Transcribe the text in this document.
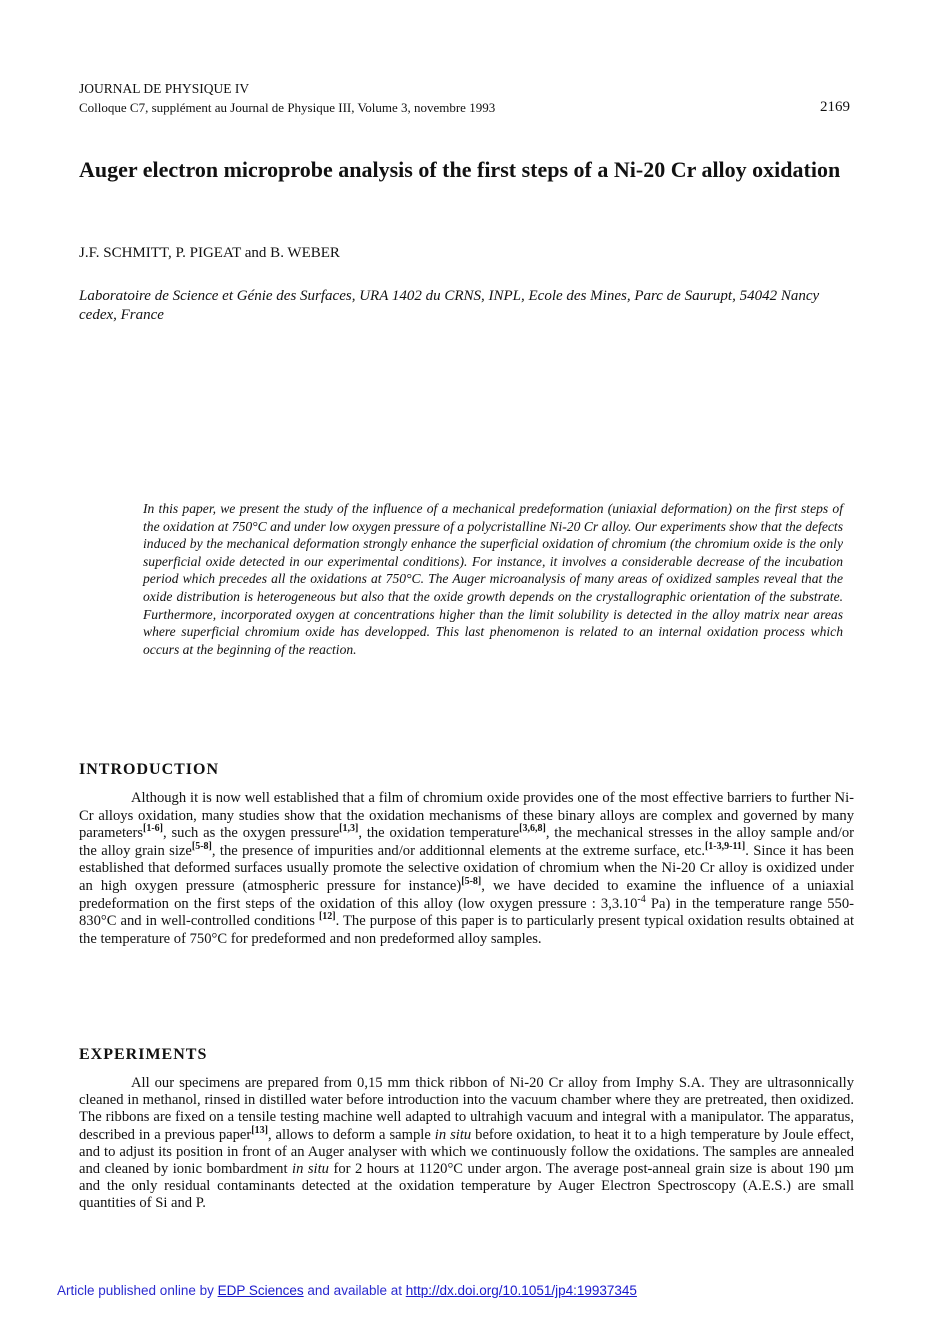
JOURNAL DE PHYSIQUE IV
Colloque C7, supplément au Journal de Physique III, Volume 3, novembre 1993	2169
Auger electron microprobe analysis of the first steps of a Ni-20 Cr alloy oxidation
J.F. SCHMITT, P. PIGEAT and B. WEBER
Laboratoire de Science et Génie des Surfaces, URA 1402 du CRNS, INPL, Ecole des Mines, Parc de Saurupt, 54042 Nancy cedex, France

In this paper, we present the study of the influence of a mechanical predeformation (uniaxial deformation) on the first steps of the oxidation at 750°C and under low oxygen pressure of a polycristalline Ni-20 Cr alloy. Our experiments show that the defects induced by the mechanical deformation strongly enhance the superficial oxidation of chromium (the chromium oxide is the only superficial oxide detected in our experimental conditions). For instance, it involves a considerable decrease of the incubation period which precedes all the oxidations at 750°C. The Auger microanalysis of many areas of oxidized samples reveal that the oxide distribution is heterogeneous but also that the oxide growth depends on the crystallographic orientation of the substrate. Furthermore, incorporated oxygen at concentrations higher than the limit solubility is detected in the alloy matrix near areas where superficial chromium oxide has developped. This last phenomenon is related to an internal oxidation process which occurs at the beginning of the reaction.

INTRODUCTION

Although it is now well established that a film of chromium oxide provides one of the most effective barriers to further Ni-Cr alloys oxidation, many studies show that the oxidation mechanisms of these binary alloys are complex and governed by many parameters[1-6], such as the oxygen pressure[1,3], the oxidation temperature[3,6,8], the mechanical stresses in the alloy sample and/or the alloy grain size[5-8], the presence of impurities and/or additionnal elements at the extreme surface, etc.[1-3,9-11]. Since it has been established that deformed surfaces usually promote the selective oxidation of chromium when the Ni-20 Cr alloy is oxidized under an high oxygen pressure (atmospheric pressure for instance)[5-8], we have decided to examine the influence of a uniaxial predeformation on the first steps of the oxidation of this alloy (low oxygen pressure : $3,3.10^{-4}$ Pa) in the temperature range 550-830°C and in well-controlled conditions [12]. The purpose of this paper is to particularly present typical oxidation results obtained at the temperature of 750°C for predeformed and non predeformed alloy samples.

EXPERIMENTS

All our specimens are prepared from 0,15 mm thick ribbon of Ni-20 Cr alloy from Imphy S.A. They are ultrasonnically cleaned in methanol, rinsed in distilled water before introduction into the vacuum chamber where they are pretreated, then oxidized. The ribbons are fixed on a tensile testing machine well adapted to ultrahigh vacuum and integral with a manipulator. The apparatus, described in a previous paper[13], allows to deform a sample in situ before oxidation, to heat it to a high temperature by Joule effect, and to adjust its position in front of an Auger analyser with which we continuously follow the oxidations. The samples are annealed and cleaned by ionic bombardment in situ for 2 hours at 1120°C under argon. The average post-anneal grain size is about 190 µm and the only residual contaminants detected at the oxidation temperature by Auger Electron Spectroscopy (A.E.S.) are small quantities of Si and P.

Article published online by EDP Sciences and available at http://dx.doi.org/10.1051/jp4:19937345
